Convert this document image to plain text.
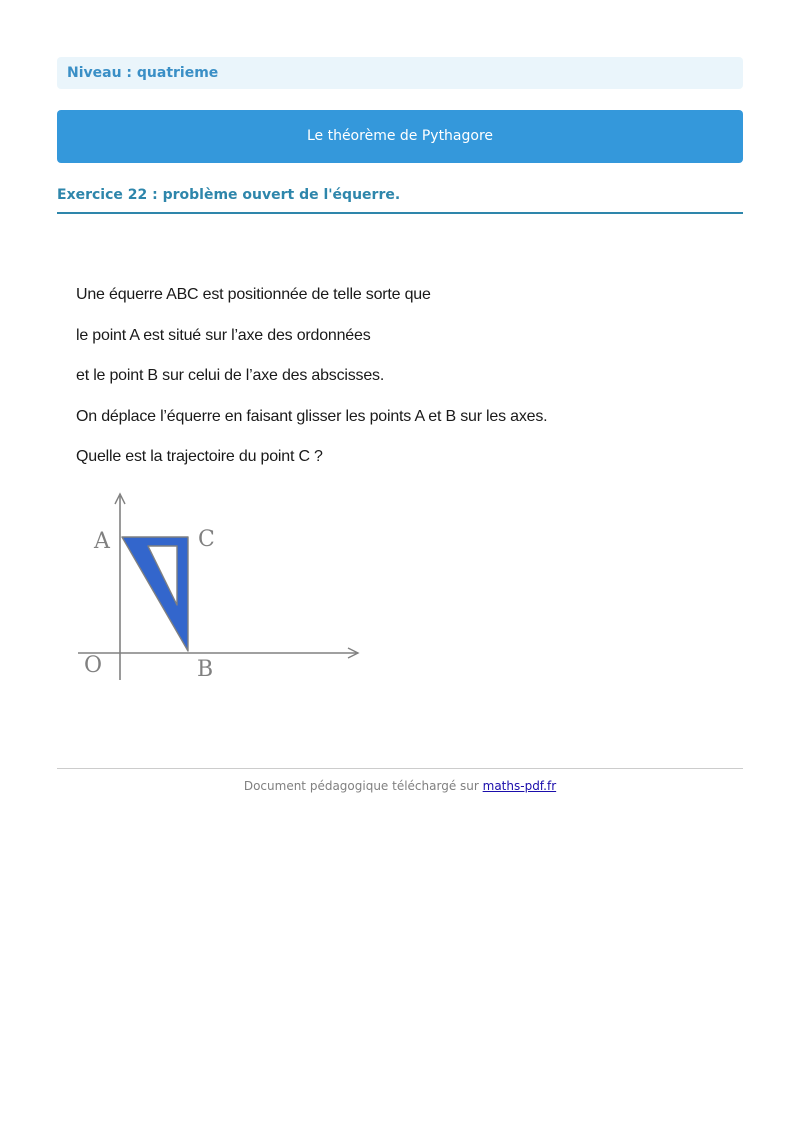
Niveau : quatrieme
Le théorème de Pythagore
Exercice 22 : problème ouvert de l'équerre.
Une équerre ABC est positionnée de telle sorte que
le point A est situé sur l’axe des ordonnées
et le point B sur celui de l’axe des abscisses.
On déplace l’équerre en faisant glisser les points A et B sur les axes.
Quelle est la trajectoire du point C ?
A	C
O	B
Document pédagogique téléchargé sur maths-pdf.fr
